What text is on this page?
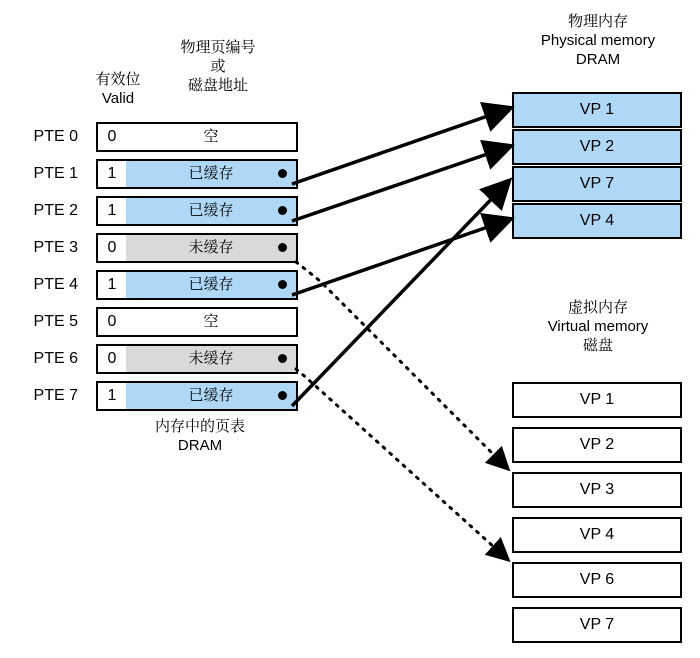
有效位
Valid
物理页编号
或
磁盘地址
物理内存
Physical memory
DRAM
虚拟内存
Virtual memory
磁盘
内存中的页表
DRAM
PTE 0	0	空
PTE 1	1	已缓存
PTE 2	1	已缓存
PTE 3	0	未缓存
PTE 4	1	已缓存
PTE 5	0	空
PTE 6	0	未缓存
PTE 7	1	已缓存
VP 1
VP 2
VP 7
VP 4
VP 1
VP 2
VP 3
VP 4
VP 6
VP 7
